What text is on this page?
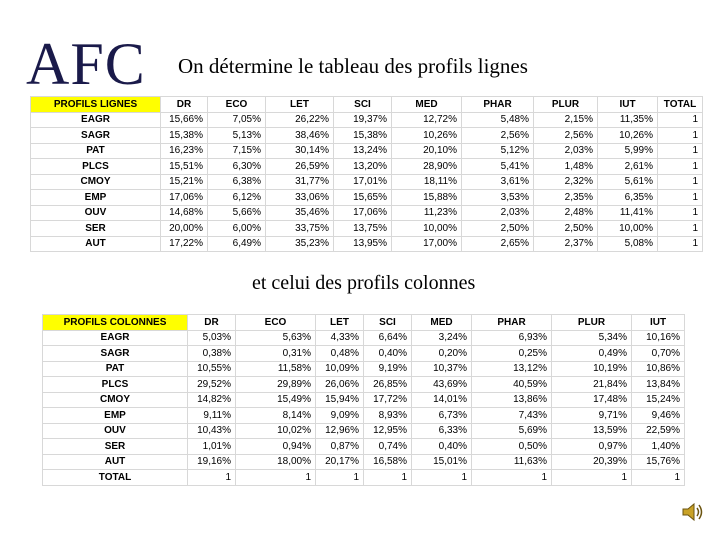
AFC On détermine le tableau des profils lignes
PROFILS LIGNES	DR	ECO	LET	SCI	MED	PHAR	PLUR	IUT	TOTAL
EAGR	15,66%	7,05%	26,22%	19,37%	12,72%	5,48%	2,15%	11,35%	1
SAGR	15,38%	5,13%	38,46%	15,38%	10,26%	2,56%	2,56%	10,26%	1
PAT	16,23%	7,15%	30,14%	13,24%	20,10%	5,12%	2,03%	5,99%	1
PLCS	15,51%	6,30%	26,59%	13,20%	28,90%	5,41%	1,48%	2,61%	1
CMOY	15,21%	6,38%	31,77%	17,01%	18,11%	3,61%	2,32%	5,61%	1
EMP	17,06%	6,12%	33,06%	15,65%	15,88%	3,53%	2,35%	6,35%	1
OUV	14,68%	5,66%	35,46%	17,06%	11,23%	2,03%	2,48%	11,41%	1
SER	20,00%	6,00%	33,75%	13,75%	10,00%	2,50%	2,50%	10,00%	1
AUT	17,22%	6,49%	35,23%	13,95%	17,00%	2,65%	2,37%	5,08%	1
et celui des profils colonnes
PROFILS COLONNES	DR	ECO	LET	SCI	MED	PHAR	PLUR	IUT
EAGR	5,03%	5,63%	4,33%	6,64%	3,24%	6,93%	5,34%	10,16%
SAGR	0,38%	0,31%	0,48%	0,40%	0,20%	0,25%	0,49%	0,70%
PAT	10,55%	11,58%	10,09%	9,19%	10,37%	13,12%	10,19%	10,86%
PLCS	29,52%	29,89%	26,06%	26,85%	43,69%	40,59%	21,84%	13,84%
CMOY	14,82%	15,49%	15,94%	17,72%	14,01%	13,86%	17,48%	15,24%
EMP	9,11%	8,14%	9,09%	8,93%	6,73%	7,43%	9,71%	9,46%
OUV	10,43%	10,02%	12,96%	12,95%	6,33%	5,69%	13,59%	22,59%
SER	1,01%	0,94%	0,87%	0,74%	0,40%	0,50%	0,97%	1,40%
AUT	19,16%	18,00%	20,17%	16,58%	15,01%	11,63%	20,39%	15,76%
TOTAL	1	1	1	1	1	1	1	1
